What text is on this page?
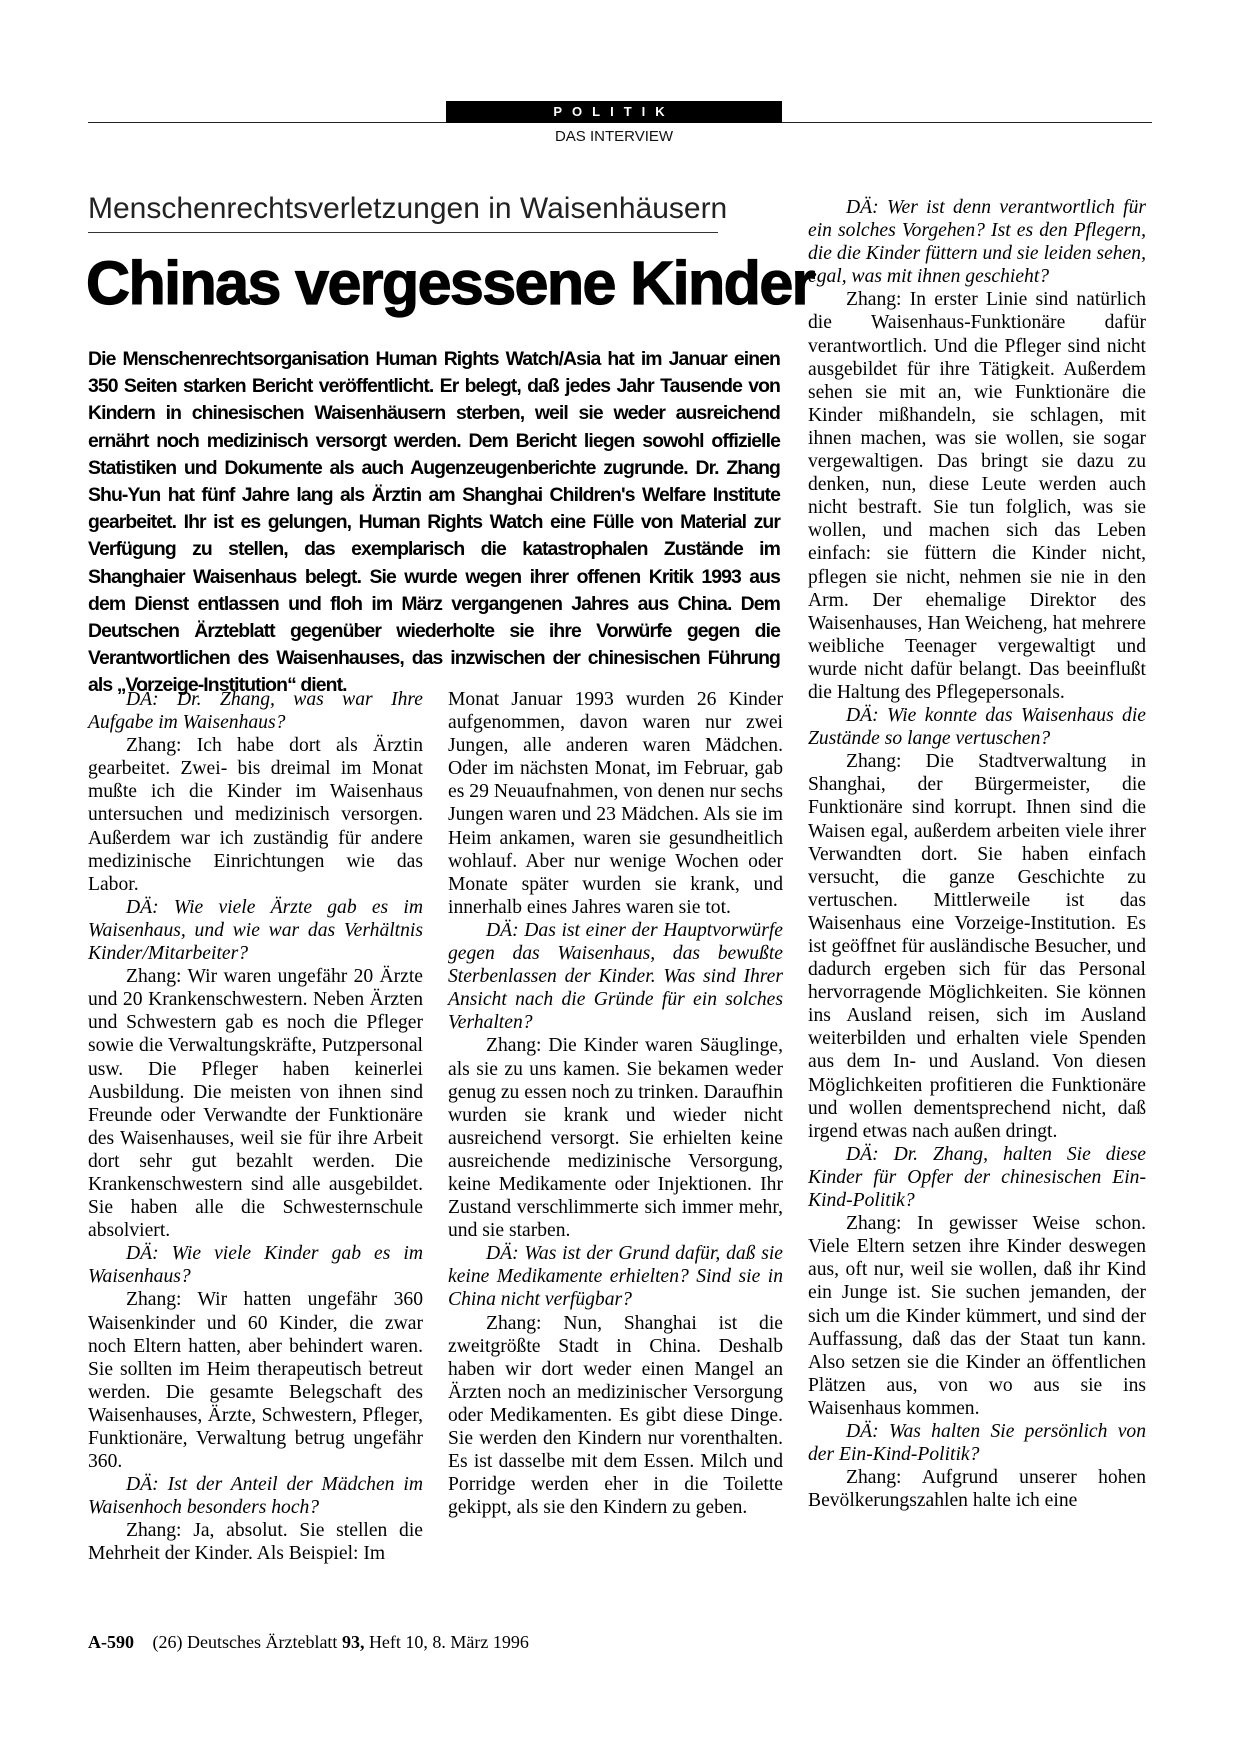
POLITIK
DAS INTERVIEW
Menschenrechtsverletzungen in Waisenhäusern
Chinas vergessene Kinder
Die Menschenrechtsorganisation Human Rights Watch/Asia hat im Januar einen 350 Seiten starken Bericht veröffentlicht. Er belegt, daß jedes Jahr Tausende von Kindern in chinesischen Waisenhäusern sterben, weil sie weder ausreichend ernährt noch medizinisch versorgt werden. Dem Bericht liegen sowohl offizielle Statistiken und Dokumente als auch Augenzeugenberichte zugrunde. Dr. Zhang Shu-Yun hat fünf Jahre lang als Ärztin am Shanghai Children's Welfare Institute gearbeitet. Ihr ist es gelungen, Human Rights Watch eine Fülle von Material zur Verfügung zu stellen, das exemplarisch die katastrophalen Zustände im Shanghaier Waisenhaus belegt. Sie wurde wegen ihrer offenen Kritik 1993 aus dem Dienst entlassen und floh im März vergangenen Jahres aus China. Dem Deutschen Ärzteblatt gegenüber wiederholte sie ihre Vorwürfe gegen die Verantwortlichen des Waisenhauses, das inzwischen der chinesischen Führung als „Vorzeige-Institution“ dient.

DÄ: Dr. Zhang, was war Ihre Aufgabe im Waisenhaus?

Zhang: Ich habe dort als Ärztin gearbeitet. Zwei- bis dreimal im Monat mußte ich die Kinder im Waisenhaus untersuchen und medizinisch versorgen. Außerdem war ich zuständig für andere medizinische Einrichtungen wie das Labor.

DÄ: Wie viele Ärzte gab es im Waisenhaus, und wie war das Verhältnis Kinder/Mitarbeiter?

Zhang: Wir waren ungefähr 20 Ärzte und 20 Krankenschwestern. Neben Ärzten und Schwestern gab es noch die Pfleger sowie die Verwaltungskräfte, Putzpersonal usw. Die Pfleger haben keinerlei Ausbildung. Die meisten von ihnen sind Freunde oder Verwandte der Funktionäre des Waisenhauses, weil sie für ihre Arbeit dort sehr gut bezahlt werden. Die Krankenschwestern sind alle ausgebildet. Sie haben alle die Schwesternschule absolviert.

DÄ: Wie viele Kinder gab es im Waisenhaus?

Zhang: Wir hatten ungefähr 360 Waisenkinder und 60 Kinder, die zwar noch Eltern hatten, aber behindert waren. Sie sollten im Heim therapeutisch betreut werden. Die gesamte Belegschaft des Waisenhauses, Ärzte, Schwestern, Pfleger, Funktionäre, Verwaltung betrug ungefähr 360.

DÄ: Ist der Anteil der Mädchen im Waisenhoch besonders hoch?

Zhang: Ja, absolut. Sie stellen die Mehrheit der Kinder. Als Beispiel: Im

Monat Januar 1993 wurden 26 Kinder aufgenommen, davon waren nur zwei Jungen, alle anderen waren Mädchen. Oder im nächsten Monat, im Februar, gab es 29 Neuaufnahmen, von denen nur sechs Jungen waren und 23 Mädchen. Als sie im Heim ankamen, waren sie gesundheitlich wohlauf. Aber nur wenige Wochen oder Monate später wurden sie krank, und innerhalb eines Jahres waren sie tot.

DÄ: Das ist einer der Hauptvorwürfe gegen das Waisenhaus, das bewußte Sterbenlassen der Kinder. Was sind Ihrer Ansicht nach die Gründe für ein solches Verhalten?

Zhang: Die Kinder waren Säuglinge, als sie zu uns kamen. Sie bekamen weder genug zu essen noch zu trinken. Daraufhin wurden sie krank und wieder nicht ausreichend versorgt. Sie erhielten keine ausreichende medizinische Versorgung, keine Medikamente oder Injektionen. Ihr Zustand verschlimmerte sich immer mehr, und sie starben.

DÄ: Was ist der Grund dafür, daß sie keine Medikamente erhielten? Sind sie in China nicht verfügbar?

Zhang: Nun, Shanghai ist die zweitgrößte Stadt in China. Deshalb haben wir dort weder einen Mangel an Ärzten noch an medizinischer Versorgung oder Medikamenten. Es gibt diese Dinge. Sie werden den Kindern nur vorenthalten. Es ist dasselbe mit dem Essen. Milch und Porridge werden eher in die Toilette gekippt, als sie den Kindern zu geben.

DÄ: Wer ist denn verantwortlich für ein solches Vorgehen? Ist es den Pflegern, die die Kinder füttern und sie leiden sehen, egal, was mit ihnen geschieht?

Zhang: In erster Linie sind natürlich die Waisenhaus-Funktionäre dafür verantwortlich. Und die Pfleger sind nicht ausgebildet für ihre Tätigkeit. Außerdem sehen sie mit an, wie Funktionäre die Kinder mißhandeln, sie schlagen, mit ihnen machen, was sie wollen, sie sogar vergewaltigen. Das bringt sie dazu zu denken, nun, diese Leute werden auch nicht bestraft. Sie tun folglich, was sie wollen, und machen sich das Leben einfach: sie füttern die Kinder nicht, pflegen sie nicht, nehmen sie nie in den Arm. Der ehemalige Direktor des Waisenhauses, Han Weicheng, hat mehrere weibliche Teenager vergewaltigt und wurde nicht dafür belangt. Das beeinflußt die Haltung des Pflegepersonals.

DÄ: Wie konnte das Waisenhaus die Zustände so lange vertuschen?

Zhang: Die Stadtverwaltung in Shanghai, der Bürgermeister, die Funktionäre sind korrupt. Ihnen sind die Waisen egal, außerdem arbeiten viele ihrer Verwandten dort. Sie haben einfach versucht, die ganze Geschichte zu vertuschen. Mittlerweile ist das Waisenhaus eine Vorzeige-Institution. Es ist geöffnet für ausländische Besucher, und dadurch ergeben sich für das Personal hervorragende Möglichkeiten. Sie können ins Ausland reisen, sich im Ausland weiterbilden und erhalten viele Spenden aus dem In- und Ausland. Von diesen Möglichkeiten profitieren die Funktionäre und wollen dementsprechend nicht, daß irgend etwas nach außen dringt.

DÄ: Dr. Zhang, halten Sie diese Kinder für Opfer der chinesischen Ein-Kind-Politik?

Zhang: In gewisser Weise schon. Viele Eltern setzen ihre Kinder deswegen aus, oft nur, weil sie wollen, daß ihr Kind ein Junge ist. Sie suchen jemanden, der sich um die Kinder kümmert, und sind der Auffassung, daß das der Staat tun kann. Also setzen sie die Kinder an öffentlichen Plätzen aus, von wo aus sie ins Waisenhaus kommen.

DÄ: Was halten Sie persönlich von der Ein-Kind-Politik?

Zhang: Aufgrund unserer hohen Bevölkerungszahlen halte ich eine

A-590 (26) Deutsches Ärzteblatt 93, Heft 10, 8. März 1996
